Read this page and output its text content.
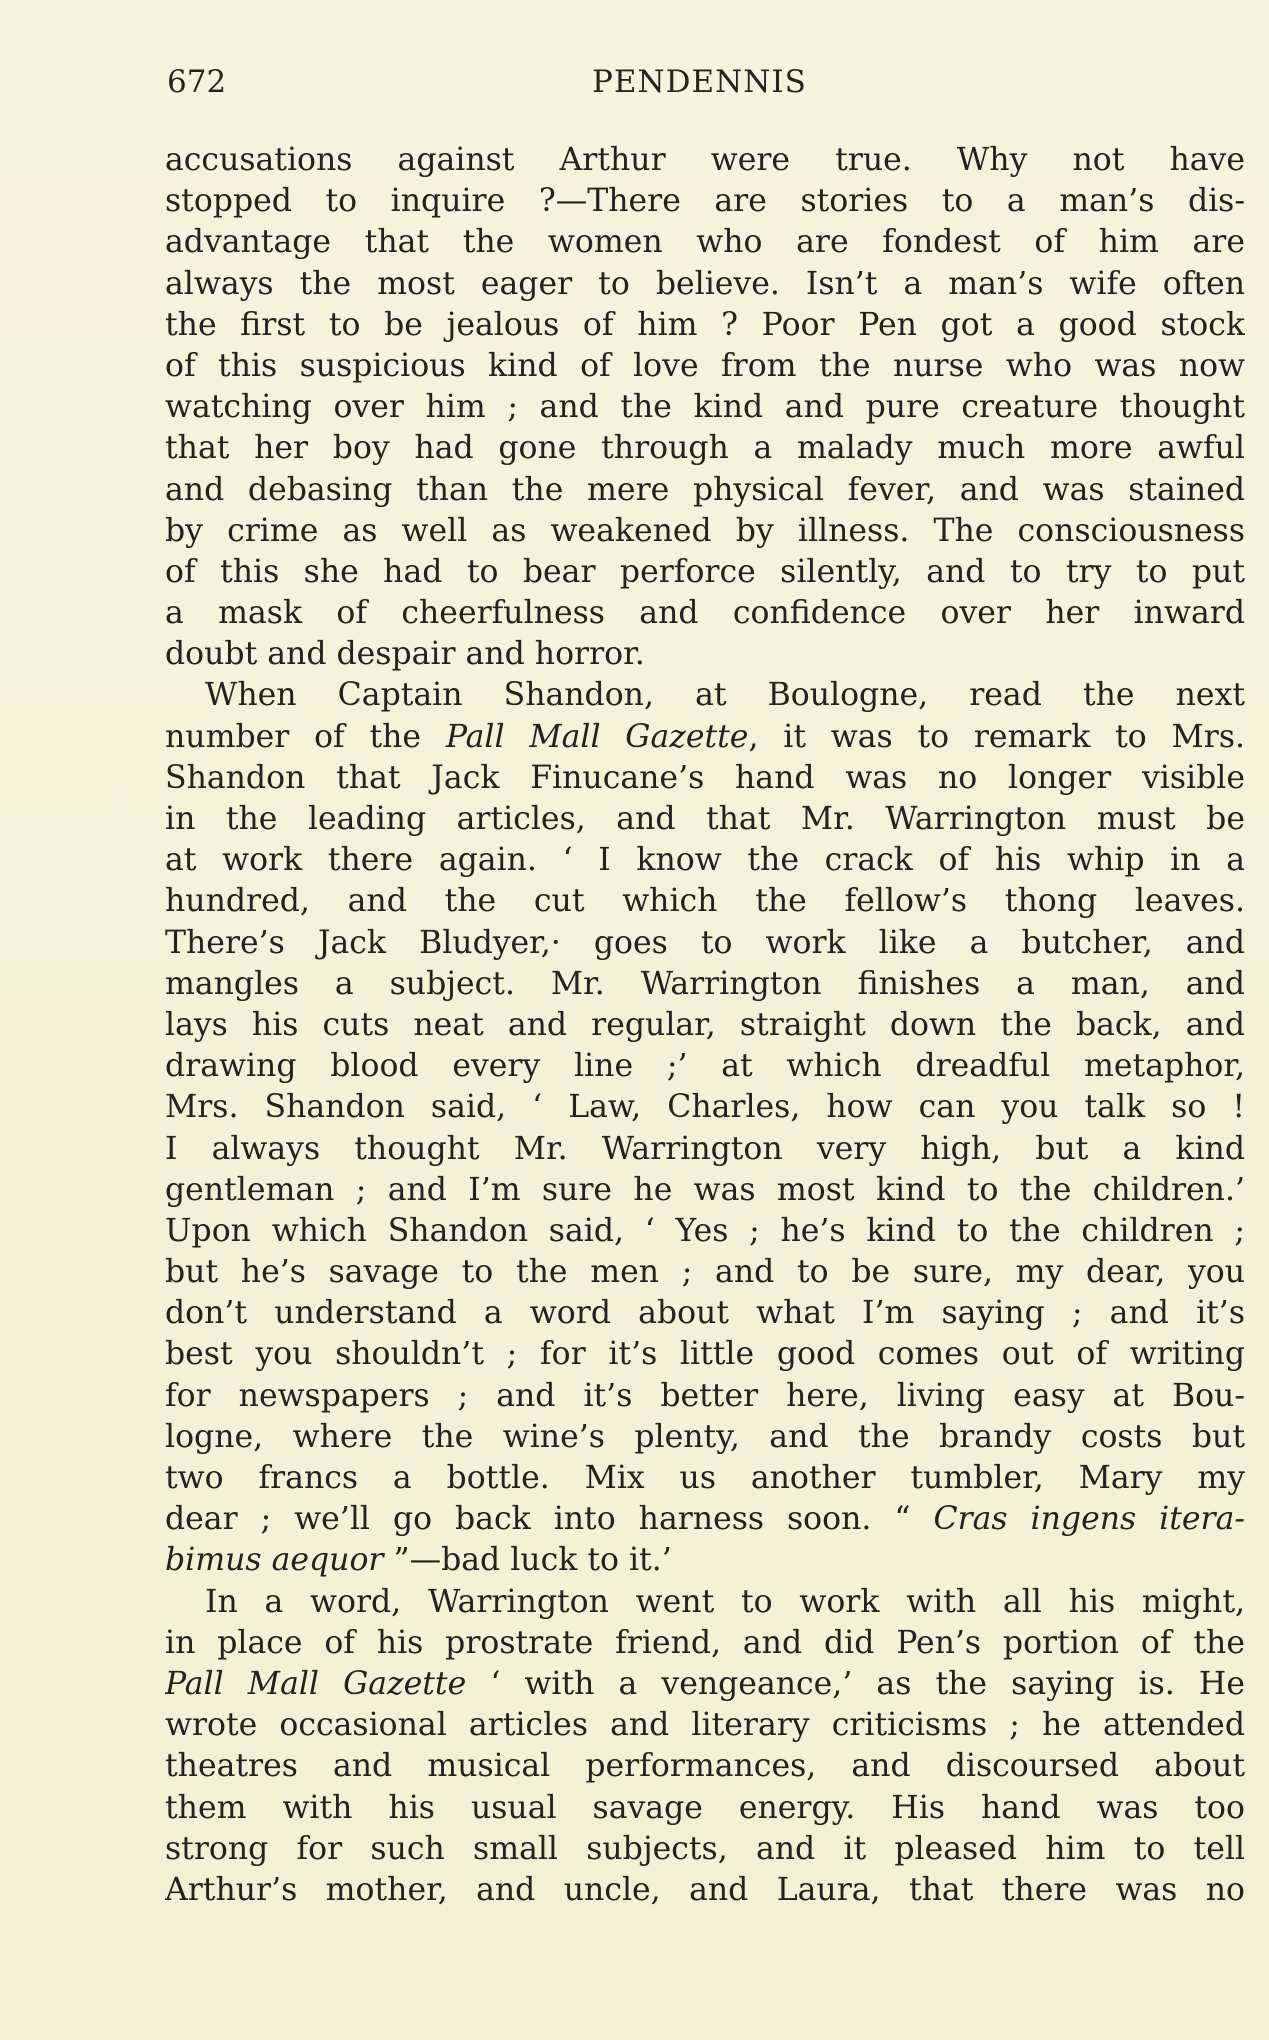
672	PENDENNIS
accusations against Arthur were true. Why not have
stopped to inquire ?—There are stories to a man’s dis-
advantage that the women who are fondest of him are
always the most eager to believe. Isn’t a man’s wife often
the first to be jealous of him ? Poor Pen got a good stock
of this suspicious kind of love from the nurse who was now
watching over him ; and the kind and pure creature thought
that her boy had gone through a malady much more awful
and debasing than the mere physical fever, and was stained
by crime as well as weakened by illness. The consciousness
of this she had to bear perforce silently, and to try to put
a mask of cheerfulness and confidence over her inward
doubt and despair and horror.
When Captain Shandon, at Boulogne, read the next
number of the Pall Mall Gazette, it was to remark to Mrs.
Shandon that Jack Finucane’s hand was no longer visible
in the leading articles, and that Mr. Warrington must be
at work there again. ‘ I know the crack of his whip in a
hundred, and the cut which the fellow’s thong leaves.
There’s Jack Bludyer,· goes to work like a butcher, and
mangles a subject. Mr. Warrington finishes a man, and
lays his cuts neat and regular, straight down the back, and
drawing blood every line ;’ at which dreadful metaphor,
Mrs. Shandon said, ‘ Law, Charles, how can you talk so !
I always thought Mr. Warrington very high, but a kind
gentleman ; and I’m sure he was most kind to the children.’
Upon which Shandon said, ‘ Yes ; he’s kind to the children ;
but he’s savage to the men ; and to be sure, my dear, you
don’t understand a word about what I’m saying ; and it’s
best you shouldn’t ; for it’s little good comes out of writing
for newspapers ; and it’s better here, living easy at Bou-
logne, where the wine’s plenty, and the brandy costs but
two francs a bottle. Mix us another tumbler, Mary my
dear ; we’ll go back into harness soon. “ Cras ingens itera-
bimus aequor ”—bad luck to it.’
In a word, Warrington went to work with all his might,
in place of his prostrate friend, and did Pen’s portion of the
Pall Mall Gazette ‘ with a vengeance,’ as the saying is. He
wrote occasional articles and literary criticisms ; he attended
theatres and musical performances, and discoursed about
them with his usual savage energy. His hand was too
strong for such small subjects, and it pleased him to tell
Arthur’s mother, and uncle, and Laura, that there was no
